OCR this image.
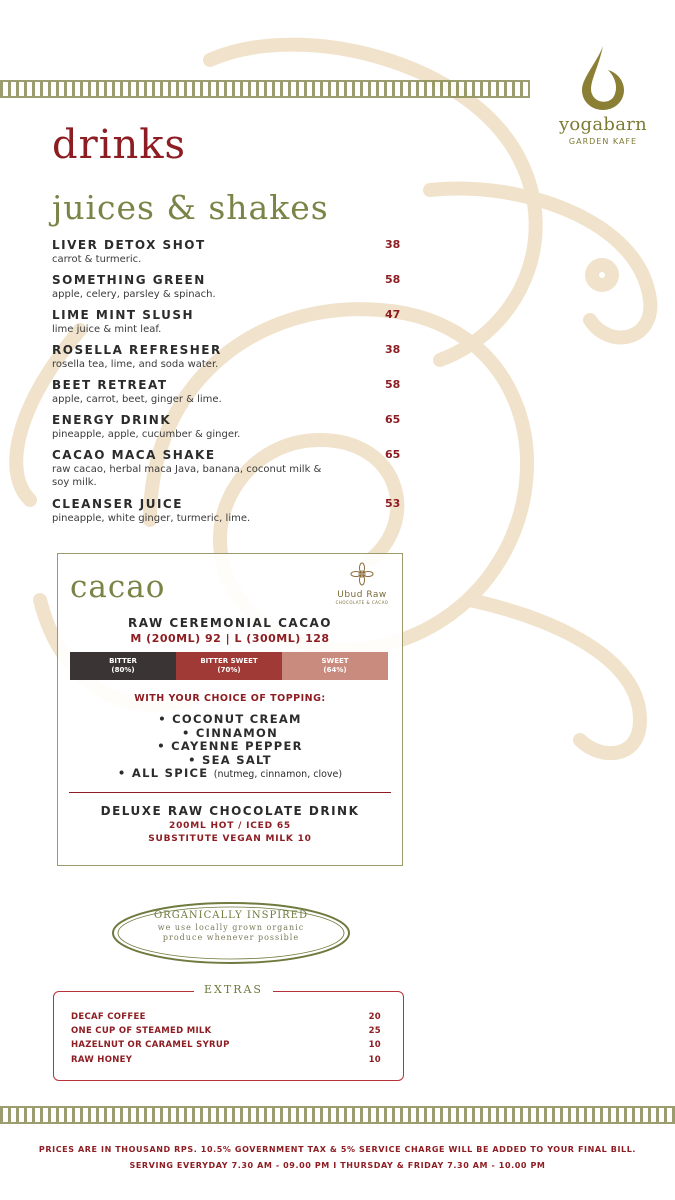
yogabarn
GARDEN KAFE
drinks
juices & shakes
LIVER DETOX SHOT
carrot & turmeric.
38
SOMETHING GREEN
apple, celery, parsley & spinach.
58
LIME MINT SLUSH
lime juice & mint leaf.
47
ROSELLA REFRESHER
rosella tea, lime, and soda water.
38
BEET RETREAT
apple, carrot, beet, ginger & lime.
58
ENERGY DRINK
pineapple, apple, cucumber & ginger.
65
CACAO MACA SHAKE
raw cacao, herbal maca Java, banana, coconut milk & soy milk.
65
CLEANSER JUICE
pineapple, white ginger, turmeric, lime.
53
cacao	Ubud Raw
CHOCOLATE & CACAO
RAW CEREMONIAL CACAO
M (200ML) 92 | L (300ML) 128
BITTER
(80%)
BITTER SWEET
(70%)
SWEET
(64%)
WITH YOUR CHOICE OF TOPPING:
• COCONUT CREAM
• CINNAMON
• CAYENNE PEPPER
• SEA SALT
• ALL SPICE (nutmeg, cinnamon, clove)
DELUXE RAW CHOCOLATE DRINK
200ML HOT / ICED 65
SUBSTITUTE VEGAN MILK 10
ORGANICALLY INSPIRED
we use locally grown organic produce whenever possible
EXTRAS
DECAF COFFEE	20
ONE CUP OF STEAMED MILK	25
HAZELNUT OR CARAMEL SYRUP	10
RAW HONEY	10
PRICES ARE IN THOUSAND RPS. 10.5% GOVERNMENT TAX & 5% SERVICE CHARGE WILL BE ADDED TO YOUR FINAL BILL.
SERVING EVERYDAY 7.30 AM - 09.00 PM I THURSDAY & FRIDAY 7.30 AM - 10.00 PM
